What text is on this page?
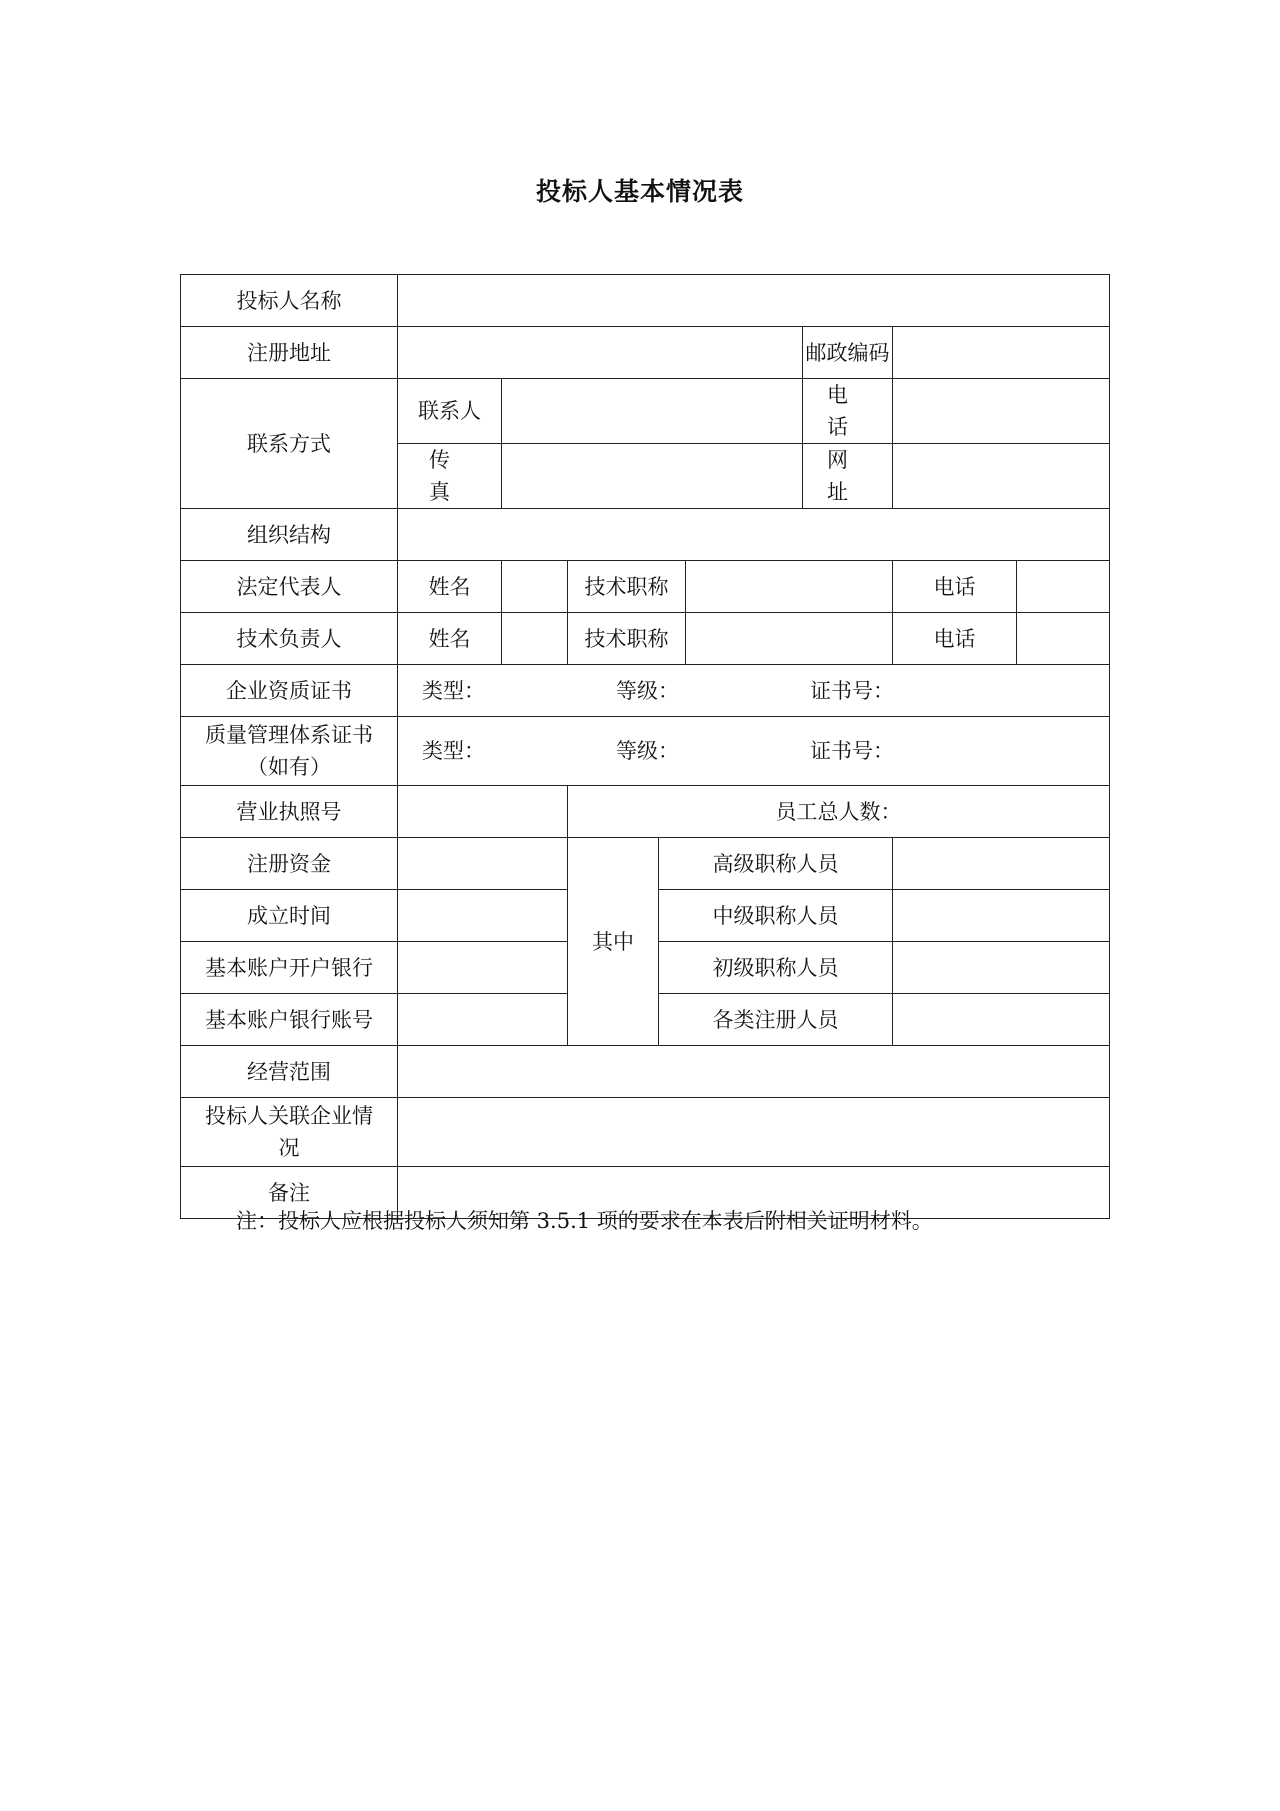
投标人基本情况表
投标人名称								
注册地址						邮政编码		
联系方式	联系人					电 话		
	传 真					网 址		
组织结构								
法定代表人	姓名		技术职称				电话	
技术负责人	姓名		技术职称				电话	
企业资质证书	类型： 等级： 证书号：							

质量管理体系证书（如有）	类型： 等级： 证书号：							

营业执照号			员工总人数：					
注册资金			其中	高级职称人员				
成立时间				中级职称人员				
基本账户开户银行				初级职称人员				
基本账户银行账号				各类注册人员				
经营范围								
投标人关联企业情况								
备注								
注：投标人应根据投标人须知第 3.5.1 项的要求在本表后附相关证明材料。
